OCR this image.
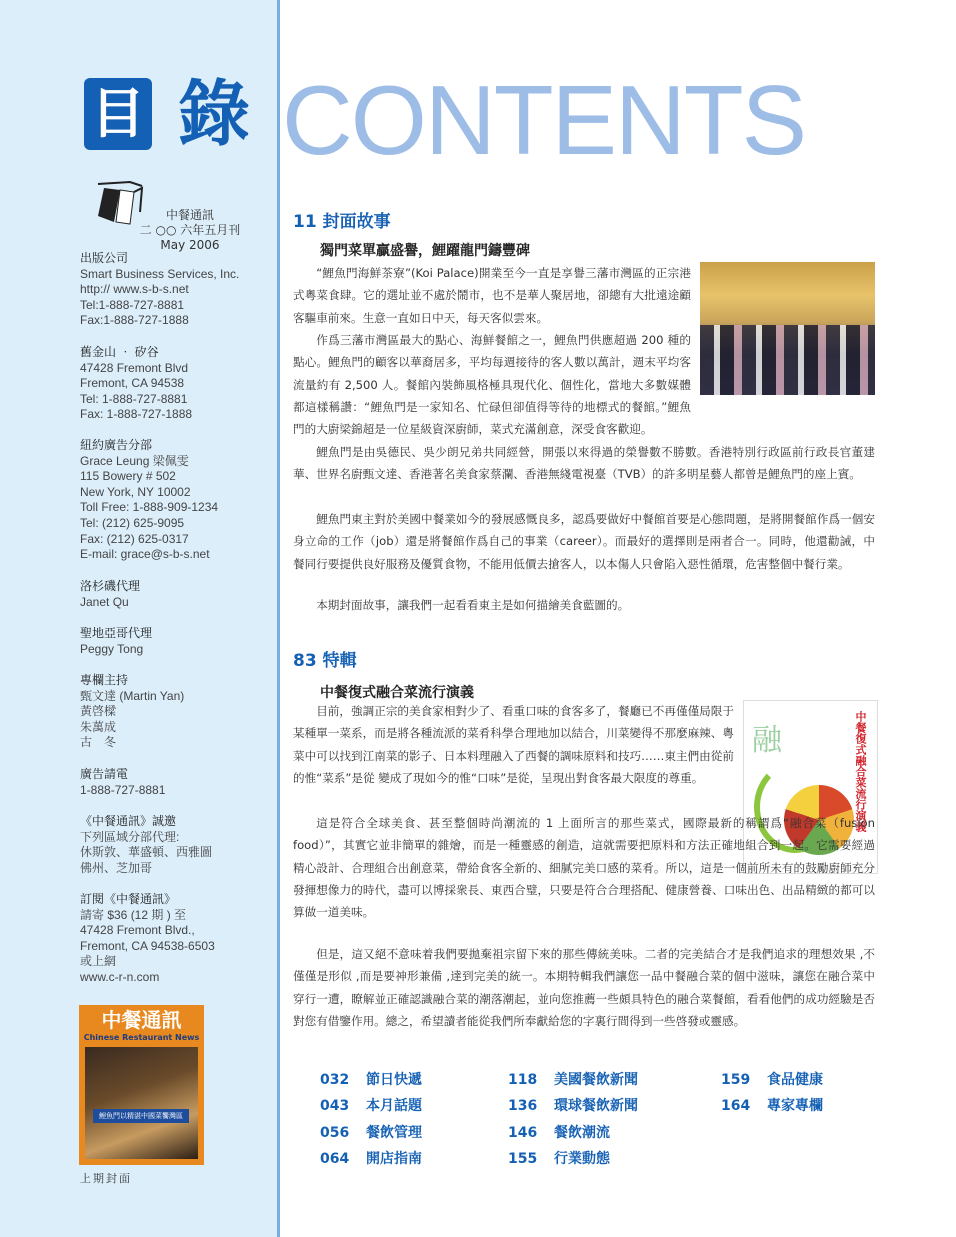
目 錄 CONTENTS
中餐通訊
二 ○○ 六年五月刊
May 2006
出版公司
Smart Business Services, Inc.
http:// www.s-b-s.net
Tel:1-888-727-8881
Fax:1-888-727-1888
舊金山 ‧ 矽谷
47428 Fremont Blvd
Fremont, CA 94538
Tel: 1-888-727-8881
Fax: 1-888-727-1888
紐約廣告分部
Grace Leung 梁佩雯
115 Bowery # 502
New York, NY 10002
Toll Free: 1-888-909-1234
Tel: (212) 625-9095
Fax: (212) 625-0317
E-mail: grace@s-b-s.net
洛杉磯代理
Janet Qu
聖地亞哥代理
Peggy Tong
專欄主持
甄文達 (Martin Yan)
黃啓樑
朱萬成
古　冬
廣告請電
1-888-727-8881
《中餐通訊》誠邀
下列區域分部代理:
休斯敦、華盛頓、西雅圖
佛州、芝加哥
訂閱《中餐通訊》
請寄 $36 (12 期 ) 至
47428 Fremont Blvd.,
Fremont, CA 94538-6503
或上網
www.c-r-n.com
中餐通訊
Chinese Restaurant News
鯉魚門以精湛中國菜饗灣區
上期封面
11 封面故事
獨門菜單贏盛譽，鯉躍龍門鑄豐碑
“鯉魚門海鮮茶寮”(Koi Palace)開業至今一直是享譽三藩市灣區的正宗港式粵菜食肆。它的選址並不處於鬧市，也不是華人聚居地，卻總有大批遠途顧客驅車前來。生意一直如日中天，每天客似雲來。
作爲三藩市灣區最大的點心、海鮮餐館之一，鯉魚門供應超過 200 種的點心。鯉魚門的顧客以華裔居多，平均每週接待的客人數以萬計，週末平均客流量約有 2,500 人。餐館內裝飾風格極具現代化、個性化，當地大多數媒體都這樣稱讚：“鯉魚門是一家知名、忙碌但卻值得等待的地標式的餐館。”鯉魚門的大廚梁錦超是一位星級資深廚師，菜式充滿創意，深受食客歡迎。
鯉魚門是由吳德民、吳少朗兄弟共同經營，開張以來得過的榮譽數不勝數。香港特別行政區前行政長官董建華、世界名廚甄文達、香港著名美食家蔡瀾、香港無綫電視臺（TVB）的許多明星藝人都曾是鯉魚門的座上賓。
鯉魚門東主對於美國中餐業如今的發展感慨良多，認爲要做好中餐館首要是心態問題，是將開餐館作爲一個安身立命的工作（job）還是將餐館作爲自己的事業（career）。而最好的選擇則是兩者合一。同時，他還勸誡，中餐同行要提供良好服務及優質食物，不能用低價去搶客人，以本傷人只會陷入惡性循環，危害整個中餐行業。
本期封面故事，讓我們一起看看東主是如何描繪美食藍圖的。
83 特輯
中餐復式融合菜流行演義
融	中餐復式融合菜流行演義
目前，強調正宗的美食家相對少了、看重口味的食客多了，餐廳已不再僅僅局限于某種單一菜系，而是將各種流派的菜肴科學合理地加以結合，川菜變得不那麼麻辣、粵菜中可以找到江南菜的影子、日本料理融入了西餐的調味原料和技巧……東主們由從前的惟“菜系”是從 變成了現如今的惟“口味”是從，呈現出對食客最大限度的尊重。
這是符合全球美食、甚至整個時尚潮流的 1 上面所言的那些菜式，國際最新的稱謂爲“融合菜（fusion food）”，其實它並非簡單的雜燴，而是一種靈感的創造，這就需要把原料和方法正確地組合到一起。它需要經過精心設計、合理組合出創意菜，帶給食客全新的、細膩完美口感的菜肴。所以，這是一個前所未有的鼓勵廚師充分發揮想像力的時代，盡可以博採衆長、東西合璧，只要是符合合理搭配、健康營養、口味出色、出品精緻的都可以算做一道美味。
但是，這又絕不意味着我們要拋棄祖宗留下來的那些傳統美味。二者的完美結合才是我們追求的理想效果 ,不僅僅是形似 ,而是要神形兼備 ,達到完美的統一。本期特輯我們讓您一品中餐融合菜的個中滋味，讓您在融合菜中穿行一遭，瞭解並正確認識融合菜的潮落潮起，並向您推薦一些頗具特色的融合菜餐館，看看他們的成功經驗是否對您有借鑒作用。總之，希望讀者能從我們所奉獻給您的字裏行間得到一些啓發或靈感。
032 節日快遞
043 本月話題
056 餐飲管理
064 開店指南
118 美國餐飲新聞
136 環球餐飲新聞
146 餐飲潮流
155 行業動態
159 食品健康
164 專家專欄
